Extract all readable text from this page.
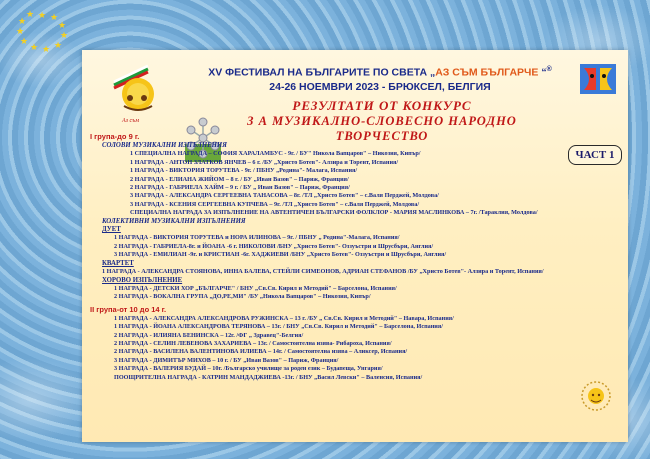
★ ★
★
★
★
★
★
★
★
★
★
Аз съм
XV ФЕСТИВАЛ НА БЪЛГАРИТЕ ПО СВЕТА „АЗ СЪМ БЪЛГАРЧЕ “®
24-26 НОЕМВРИ 2023 - БРЮКСЕЛ, БЕЛГИЯ
РЕЗУЛТАТИ ОТ КОНКУРС
З А МУЗИКАЛНО-СЛОВЕСНО НАРОДНО ТВОРЧЕСТВО
ЧАСТ 1
I група-до 9 г.
СОЛОВИ МУЗИКАЛНИ ИЗПЪЛНЕНИЯ
1 СПЕЦИАЛНА НАГРАДА – СОФИЯ ХАРАЛАМБУС - 9г. / БУ" Никола Вапцаров" – Никозия, Кипър/
1 НАГРАДА - АНТОН ЗЛАТКОВ ЯНЧЕВ – 6 г. /БУ „Христо Ботев"- Алзира и Торент, Испания/
1 НАГРАДА - ВИКТОРИЯ ТОРУТЕВА - 9г. / ПБНУ „Родина"- Малага, Испания/
2 НАГРАДА - ЕЛИАНА ЖИЙОМ – 8 г. / БУ „Иван Вазов" – Париж, Франция/
2 НАГРАДА - ГАБРИЕЛА ХАЙМ – 9 г. / БУ „ Иван Вазов" – Париж, Франция/
3 НАГРАДА - АЛЕКСАНДРА СЕРГЕЕВНА ТАНАСОВА – 8г. /ТЛ „Христо Ботев" – с.Валя Перджей, Молдова/
3 НАГРАДА - КСЕНИЯ СЕРГЕЕВНА КУПЧЕВА – 9г. /ТЛ „Христо Ботев" – с.Валя Перджей, Молдова/
СПЕЦИАЛНА НАГРАДА ЗА ИЗПЪЛНЕНИЕ НА АВТЕНТИЧЕН БЪЛГАРСКИ ФОЛКЛОР - МАРИЯ МАСЛИНКОВА – 7г. /Тараклия, Молдова/
КОЛЕКТИВНИ МУЗИКАЛНИ ИЗПЪЛНЕНИЯ
ДУЕТ
1 НАГРАДА - ВИКТОРИЯ ТОРУТЕВА и НОРА ИЛИНОВА – 9г. / ПБНУ „ Родина"-Малага, Испания/
2 НАГРАДА - ГАБРИЕЛА-8г. и ЙОАНА -6 г. НИКОЛОВИ /БНУ „Христо Ботев"- Оззуъстри и Шрусбъри, Англия/
3 НАГРАДА - ЕМИЛИАН -9г. и КРИСТИАН -6г. ХАДЖИЕВИ /БНУ „Христо Ботев"- Оззуъстри и Шрусбъри, Англия/
КВАРТЕТ
1 НАГРАДА - АЛЕКСАНДРА СТОЯНОВА, ИННА БАЛЕВА, СТЕЙЛИ СИМЕОНОВ, АДРИАН СТЕФАНОВ /БУ „Христо Ботев"- Алзира и Торент, Испания/
ХОРОВО ИЗПЪЛНЕНИЕ
1 НАГРАДА - ДЕТСКИ ХОР „БЪЛГАРЧЕ" / БНУ „Св.Св. Кирил и Методий" – Барселона, Испания/
2 НАГРАДА - ВОКАЛНА ГРУПА „ДО,РЕ,МИ" /БУ „Никола Вапцаров" – Никозия, Кипър/
II група-от 10 до 14 г.
1 НАГРАДА - АЛЕКСАНДРА АЛЕКСАНДРОВА РУЖИНСКА – 13 г. /БУ „ Св.Св. Кирил и Методий" – Навара, Испания/
1 НАГРАДА - ЙОАНА АЛЕКСАНДРОВА ТЕРЯНОВА – 13г. / БНУ „Св.Св. Кирил и Методий" – Барселона, Испания/
2 НАГРАДА - ИЛИЯНА БЕНИНСКА – 12г. /ФГ „ Здравец"-Белгия/
2 НАГРАДА - СЕЛИН ЛЕВЕНОВА ЗАХАРИЕВА – 13г. / Самостоятелна изява- Рибароха, Испания/
2 НАГРАДА - ВАСИЛЕНА ВАЛЕНТИНОВА ИЛИЕВА – 14г. / Самостоятелна изява – Аликсер, Испания/
3 НАГРАДА - ДИМИТЪР МИХОВ – 10 г. / БУ „Иван Вазов" – Париж, Франция/
3 НАГРАДА - ВАЛЕРИЯ БУДАЙ – 10г. /Българско училище за роден език – Будапеща, Унгария/
ПООЩРИТЕЛНА НАГРАДА - КАТРИН МАНДАДЖИЕВА -13г. / БНУ „Васил Левски" – Валенсия, Испания/
